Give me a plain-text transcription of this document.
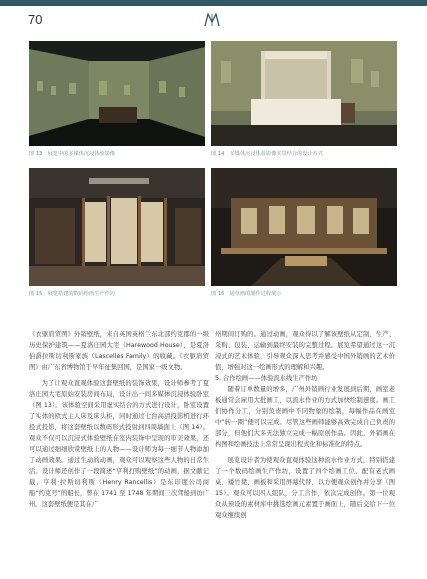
70
图 13　展览中的多媒体沉浸体验影像	图 14　多媒体沉浸体验影像实景结合的设计方式
图 15　展览搭建的数码绘画生产作坊	图 16　通草画的制作过程展示

《衣躯肩贸图》外销壁纸，来自英国英格兰东北部约克郡的一级历史保护建筑——夏洛庄园大宅（Harewood House），是夏洛伯爵拉斯切利斯家族（Lascelles Family）的收藏。《衣躯肩贸图》由广东省博物馆于早年征集回国，是国家一级文物。

为了让观众直观体验这套壁纸的装饰效果，设计师参考了夏洛庄园大宅原始安装房间布局，设计出一间多媒体沉浸体验卧室（图 13）。该体验空间采用虚实结合的方式进行设计，卧室设置了实体的欧式主人床及床头柜，同时通过七台高清投影机进行环投式投影，将这套壁纸以数码形式投射到四周墙面上（图 14）。观众不仅可以沉浸式体验壁纸在室内装饰中呈现的审美效果，还可以通过细细欣赏壁纸上的人物——设计师为每一细节人物添加了动画效果。通过生动的动画，观众可以观察这些人物的日常生活。设计师还创作了一段简述“亨利打购壁纸”的动画，据文献记载，亨利·拉斯切利斯（Henry Rancellis）是东印度公司商船“约克号”的船长，曾在 1741 至 1748 年期间三次驾船到访广州。这套壁纸便是其在广

州期间订购的。通过动画，观众得以了解该壁纸从定制、生产、采购、包装、运输到最终安装的完整过程。展览希望通过这一沉浸式的艺术体验，引导观众深入思考并感受中国外销画的艺术价值，增强对这一绘画形式的理解和兴趣。

5. 合作绘画——体验流水线生产作坊

随着订单数量的增多，广州外销画行业发展到后期，画室老板通常会雇用大批画工，以流水作业的方式加快绘制速度。画工们协作分工，分别负责画中不同物象的绘制，每幅作品在画室中“转一圈”便可以完成。尽管这些画师能够高效完成自己负责的部分，但他们大多无法独立完成一幅原创作品。因此，外销画在构图和绘画技法上常常呈现出程式化和标准化的特点。

展览设计者为使观众直观体验这种流水作业方式，特别搭建了一个数码绘画生产作坊，设置了四个绘画工位，配有老式画桌、矮竹凳、画板和采用屏幕代替，以方便观众创作并分享（图 15）。观众可以四人组队，分工合作，依次完成创作。第一位观众从预设的素材库中挑选绘画元素置于画面上，随后交给下一位观众继续创
